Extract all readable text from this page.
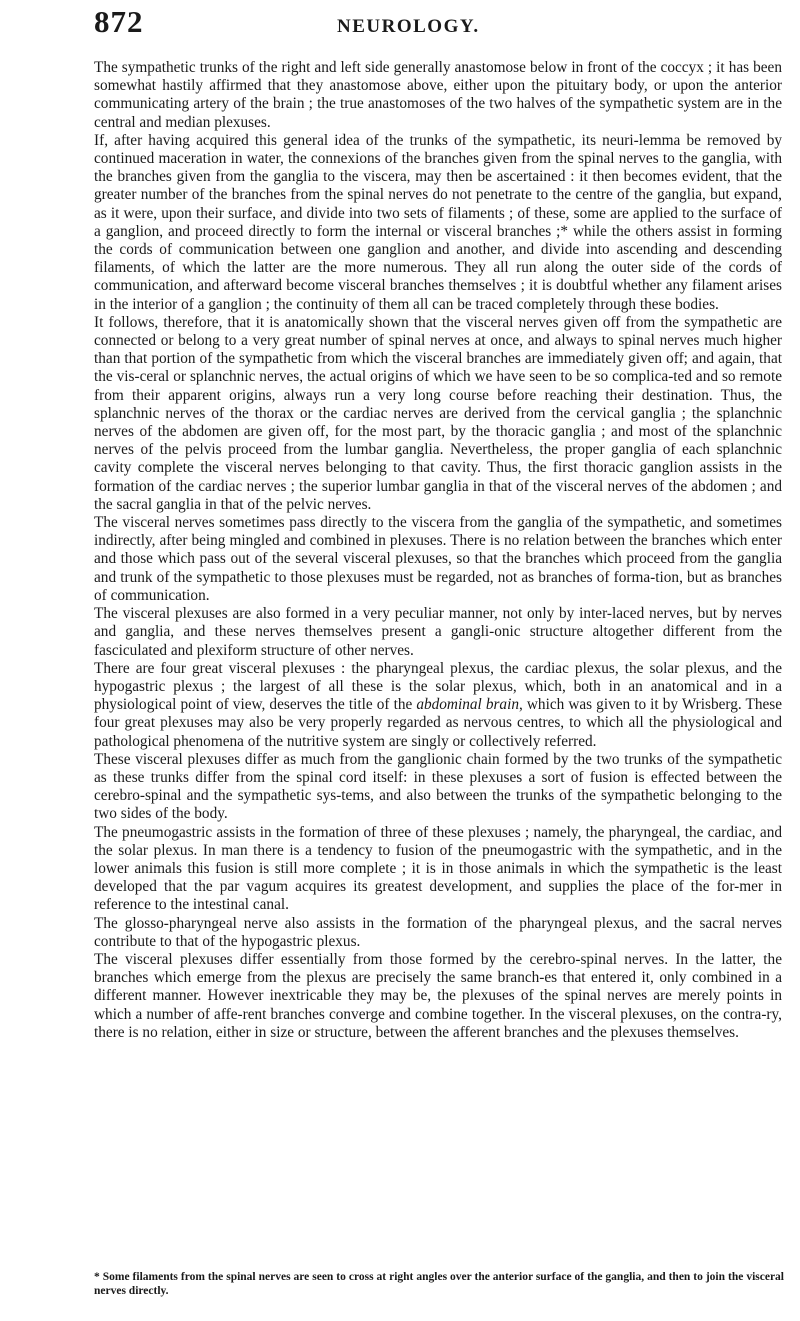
872	NEUROLOGY.

The sympathetic trunks of the right and left side generally anastomose below in front of the coccyx ; it has been somewhat hastily affirmed that they anastomose above, either upon the pituitary body, or upon the anterior communicating artery of the brain ; the true anastomoses of the two halves of the sympathetic system are in the central and median plexuses.

If, after having acquired this general idea of the trunks of the sympathetic, its neuri-lemma be removed by continued maceration in water, the connexions of the branches given from the spinal nerves to the ganglia, with the branches given from the ganglia to the viscera, may then be ascertained : it then becomes evident, that the greater number of the branches from the spinal nerves do not penetrate to the centre of the ganglia, but expand, as it were, upon their surface, and divide into two sets of filaments ; of these, some are applied to the surface of a ganglion, and proceed directly to form the internal or visceral branches ;* while the others assist in forming the cords of communication between one ganglion and another, and divide into ascending and descending filaments, of which the latter are the more numerous. They all run along the outer side of the cords of communication, and afterward become visceral branches themselves ; it is doubtful whether any filament arises in the interior of a ganglion ; the continuity of them all can be traced completely through these bodies.

It follows, therefore, that it is anatomically shown that the visceral nerves given off from the sympathetic are connected or belong to a very great number of spinal nerves at once, and always to spinal nerves much higher than that portion of the sympathetic from which the visceral branches are immediately given off; and again, that the vis-ceral or splanchnic nerves, the actual origins of which we have seen to be so complica-ted and so remote from their apparent origins, always run a very long course before reaching their destination. Thus, the splanchnic nerves of the thorax or the cardiac nerves are derived from the cervical ganglia ; the splanchnic nerves of the abdomen are given off, for the most part, by the thoracic ganglia ; and most of the splanchnic nerves of the pelvis proceed from the lumbar ganglia. Nevertheless, the proper ganglia of each splanchnic cavity complete the visceral nerves belonging to that cavity. Thus, the first thoracic ganglion assists in the formation of the cardiac nerves ; the superior lumbar ganglia in that of the visceral nerves of the abdomen ; and the sacral ganglia in that of the pelvic nerves.

The visceral nerves sometimes pass directly to the viscera from the ganglia of the sympathetic, and sometimes indirectly, after being mingled and combined in plexuses. There is no relation between the branches which enter and those which pass out of the several visceral plexuses, so that the branches which proceed from the ganglia and trunk of the sympathetic to those plexuses must be regarded, not as branches of forma-tion, but as branches of communication.

The visceral plexuses are also formed in a very peculiar manner, not only by inter-laced nerves, but by nerves and ganglia, and these nerves themselves present a gangli-onic structure altogether different from the fasciculated and plexiform structure of other nerves.

There are four great visceral plexuses : the pharyngeal plexus, the cardiac plexus, the solar plexus, and the hypogastric plexus ; the largest of all these is the solar plexus, which, both in an anatomical and in a physiological point of view, deserves the title of the abdominal brain, which was given to it by Wrisberg. These four great plexuses may also be very properly regarded as nervous centres, to which all the physiological and pathological phenomena of the nutritive system are singly or collectively referred.

These visceral plexuses differ as much from the ganglionic chain formed by the two trunks of the sympathetic as these trunks differ from the spinal cord itself: in these plexuses a sort of fusion is effected between the cerebro-spinal and the sympathetic sys-tems, and also between the trunks of the sympathetic belonging to the two sides of the body.

The pneumogastric assists in the formation of three of these plexuses ; namely, the pharyngeal, the cardiac, and the solar plexus. In man there is a tendency to fusion of the pneumogastric with the sympathetic, and in the lower animals this fusion is still more complete ; it is in those animals in which the sympathetic is the least developed that the par vagum acquires its greatest development, and supplies the place of the for-mer in reference to the intestinal canal.

The glosso-pharyngeal nerve also assists in the formation of the pharyngeal plexus, and the sacral nerves contribute to that of the hypogastric plexus.

The visceral plexuses differ essentially from those formed by the cerebro-spinal nerves. In the latter, the branches which emerge from the plexus are precisely the same branch-es that entered it, only combined in a different manner. However inextricable they may be, the plexuses of the spinal nerves are merely points in which a number of affe-rent branches converge and combine together. In the visceral plexuses, on the contra-ry, there is no relation, either in size or structure, between the afferent branches and the plexuses themselves.

* Some filaments from the spinal nerves are seen to cross at right angles over the anterior surface of the ganglia, and then to join the visceral nerves directly.
